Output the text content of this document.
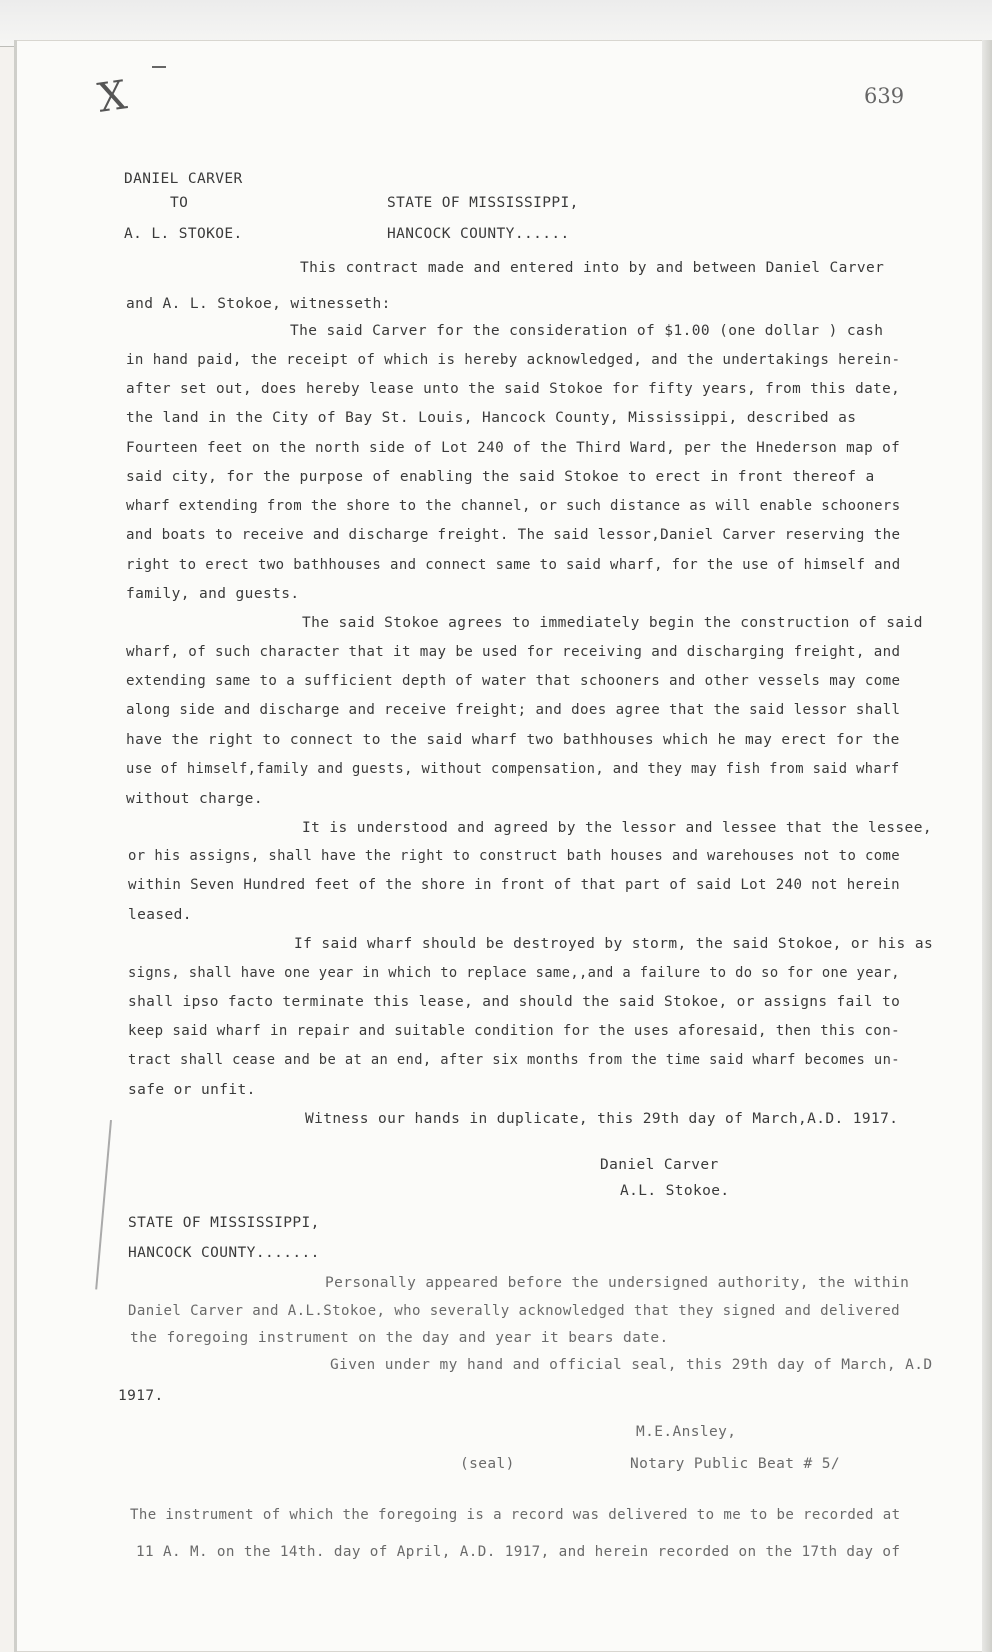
X	639
DANIEL CARVER
TO
A. L. STOKOE.
STATE OF MISSISSIPPI,
HANCOCK COUNTY......
This contract made and entered into by and between Daniel Carver
and A. L. Stokoe, witnesseth:
The said Carver for the consideration of $1.00 (one dollar ) cash
in hand paid, the receipt of which is hereby acknowledged, and the undertakings herein-
after set out, does hereby lease unto the said Stokoe for fifty years, from this date,
the land in the City of Bay St. Louis, Hancock County, Mississippi, described as
Fourteen feet on the north side of Lot 240 of the Third Ward, per the Hnederson map of
said city, for the purpose of enabling the said Stokoe to erect in front thereof a
wharf extending from the shore to the channel, or such distance as will enable schooners
and boats to receive and discharge freight. The said lessor,Daniel Carver reserving the
right to erect two bathhouses and connect same to said wharf, for the use of himself and
family, and guests.
The said Stokoe agrees to immediately begin the construction of said
wharf, of such character that it may be used for receiving and discharging freight, and
extending same to a sufficient depth of water that schooners and other vessels may come
along side and discharge and receive freight; and does agree that the said lessor shall
have the right to connect to the said wharf two bathhouses which he may erect for the
use of himself,family and guests, without compensation, and they may fish from said wharf
without charge.
It is understood and agreed by the lessor and lessee that the lessee,
or his assigns, shall have the right to construct bath houses and warehouses not to come
within Seven Hundred feet of the shore in front of that part of said Lot 240 not herein
leased.
If said wharf should be destroyed by storm, the said Stokoe, or his as
signs, shall have one year in which to replace same,,and a failure to do so for one year,
shall ipso facto terminate this lease, and should the said Stokoe, or assigns fail to
keep said wharf in repair and suitable condition for the uses aforesaid, then this con-
tract shall cease and be at an end, after six months from the time said wharf becomes un-
safe or unfit.
Witness our hands in duplicate, this 29th day of March,A.D. 1917.
Daniel Carver
A.L. Stokoe.
STATE OF MISSISSIPPI,
HANCOCK COUNTY.......
Personally appeared before the undersigned authority, the within
Daniel Carver and A.L.Stokoe, who severally acknowledged that they signed and delivered
the foregoing instrument on the day and year it bears date.
Given under my hand and official seal, this 29th day of March, A.D
1917.
M.E.Ansley,
(seal)	Notary Public Beat # 5/
The instrument of which the foregoing is a record was delivered to me to be recorded at
11 A. M. on the 14th. day of April, A.D. 1917, and herein recorded on the 17th day of
